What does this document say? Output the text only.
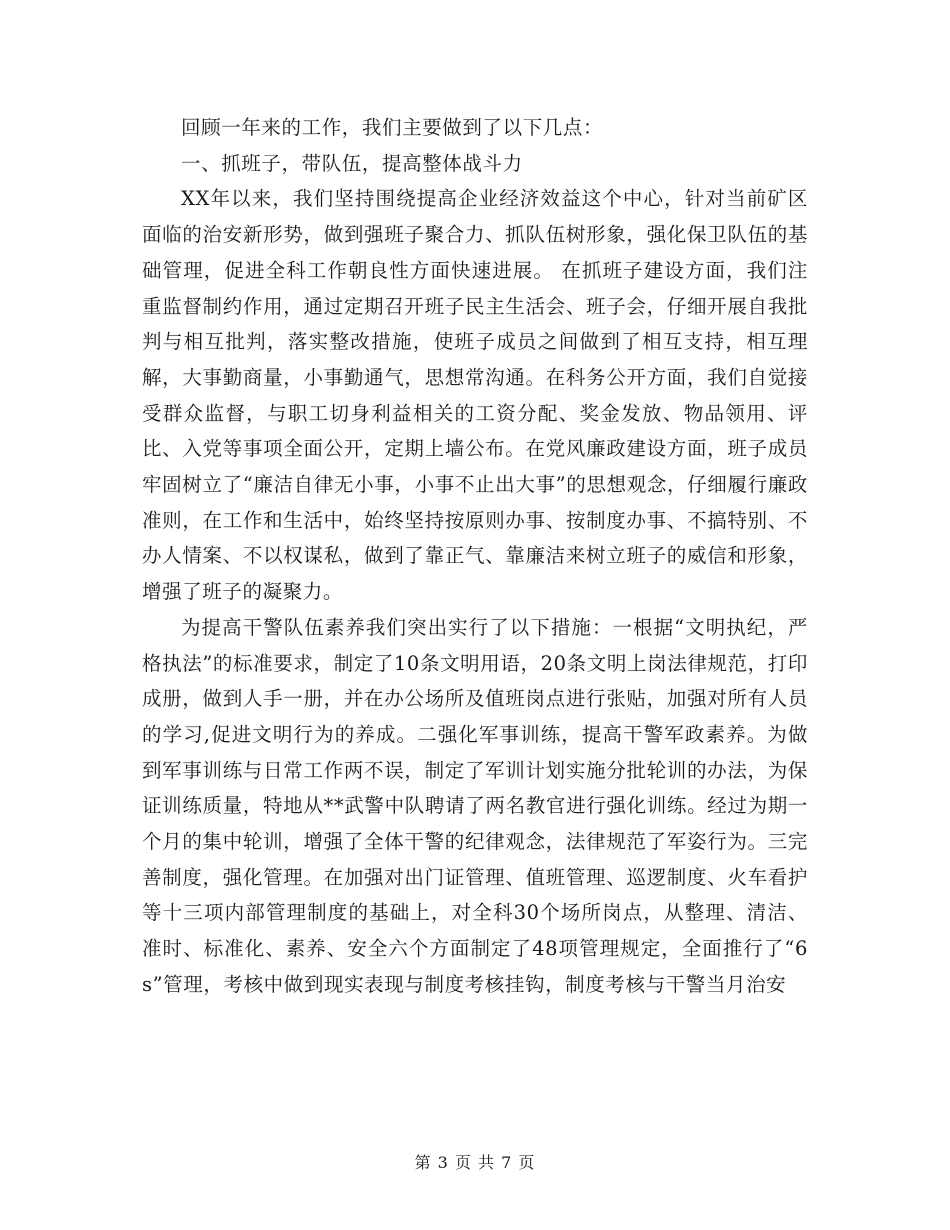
回顾一年来的工作，我们主要做到了以下几点：

一、抓班子，带队伍，提高整体战斗力

XX年以来，我们坚持围绕提高企业经济效益这个中心，针对当前矿区面临的治安新形势，做到强班子聚合力、抓队伍树形象，强化保卫队伍的基础管理，促进全科工作朝良性方面快速进展。 在抓班子建设方面，我们注重监督制约作用，通过定期召开班子民主生活会、班子会，仔细开展自我批判与相互批判，落实整改措施，使班子成员之间做到了相互支持，相互理解，大事勤商量，小事勤通气，思想常沟通。在科务公开方面，我们自觉接受群众监督，与职工切身利益相关的工资分配、奖金发放、物品领用、评比、入党等事项全面公开，定期上墙公布。在党风廉政建设方面，班子成员牢固树立了“廉洁自律无小事，小事不止出大事”的思想观念，仔细履行廉政准则，在工作和生活中，始终坚持按原则办事、按制度办事、不搞特别、不办人情案、不以权谋私，做到了靠正气、靠廉洁来树立班子的威信和形象，增强了班子的凝聚力。

为提高干警队伍素养我们突出实行了以下措施：一根据“文明执纪，严格执法”的标准要求，制定了10条文明用语，20条文明上岗法律规范，打印成册，做到人手一册，并在办公场所及值班岗点进行张贴，加强对所有人员的学习,促进文明行为的养成。二强化军事训练，提高干警军政素养。为做到军事训练与日常工作两不误，制定了军训计划实施分批轮训的办法，为保证训练质量，特地从**武警中队聘请了两名教官进行强化训练。经过为期一个月的集中轮训，增强了全体干警的纪律观念，法律规范了军姿行为。三完善制度，强化管理。在加强对出门证管理、值班管理、巡逻制度、火车看护等十三项内部管理制度的基础上，对全科30个场所岗点，从整理、清洁、准时、标准化、素养、安全六个方面制定了48项管理规定，全面推行了“6s”管理，考核中做到现实表现与制度考核挂钩，制度考核与干警当月治安

第 3 页 共 7 页
